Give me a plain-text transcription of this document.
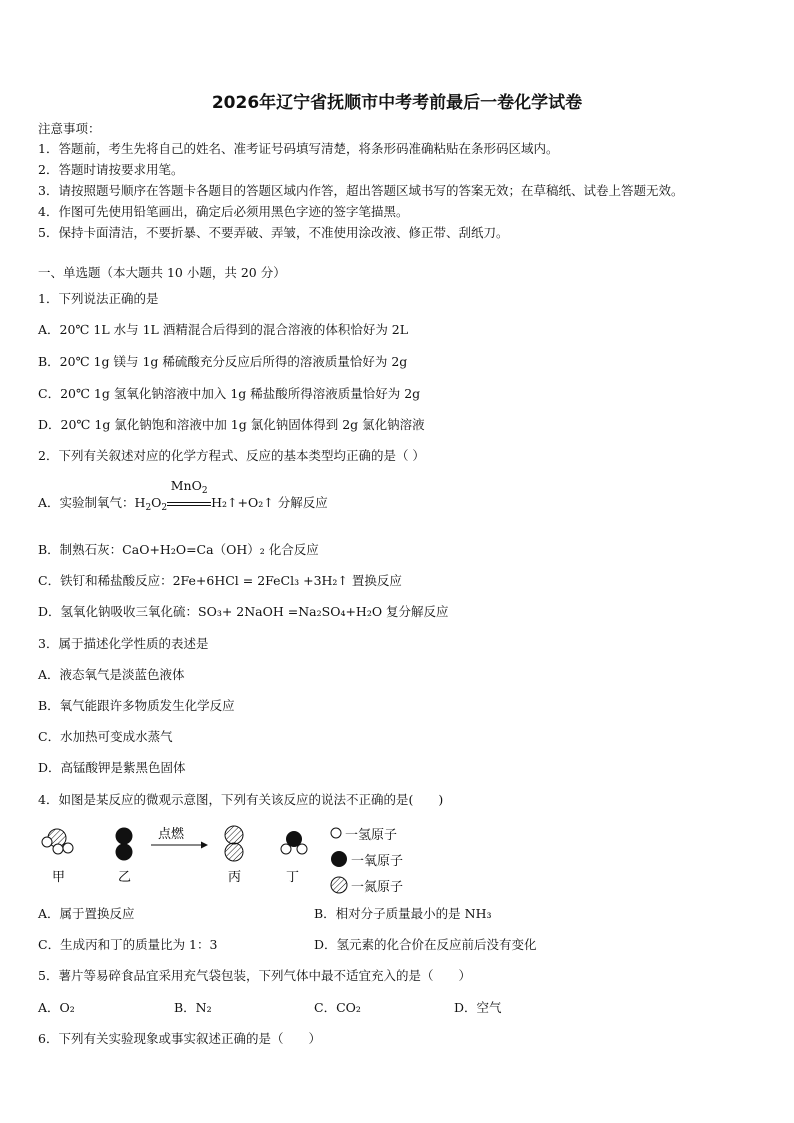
2026年辽宁省抚顺市中考考前最后一卷化学试卷
注意事项：
1．答题前，考生先将自己的姓名、准考证号码填写清楚，将条形码准确粘贴在条形码区域内。
2．答题时请按要求用笔。
3．请按照题号顺序在答题卡各题目的答题区域内作答，超出答题区域书写的答案无效；在草稿纸、试卷上答题无效。
4．作图可先使用铅笔画出，确定后必须用黑色字迹的签字笔描黑。
5．保持卡面清洁，不要折暴、不要弄破、弄皱，不准使用涂改液、修正带、刮纸刀。
一、单选题（本大题共 10 小题，共 20 分）
1．下列说法正确的是
A．20℃ 1L 水与 1L 酒精混合后得到的混合溶液的体积恰好为 2L
B．20℃ 1g 镁与 1g 稀硫酸充分反应后所得的溶液质量恰好为 2g
C．20℃ 1g 氢氧化钠溶液中加入 1g 稀盐酸所得溶液质量恰好为 2g
D．20℃ 1g 氯化钠饱和溶液中加 1g 氯化钠固体得到 2g 氯化钠溶液
2．下列有关叙述对应的化学方程式、反应的基本类型均正确的是（ ）
A．实验制氧气：$H_2O_2$
MnO$_2$
H₂↑+O₂↑ 分解反应
B．制熟石灰：CaO+H₂O=Ca（OH）₂ 化合反应
C．铁钉和稀盐酸反应：2Fe+6HCl = 2FeCl₃ +3H₂↑ 置换反应
D．氢氧化钠吸收三氧化硫：SO₃+ 2NaOH =Na₂SO₄+H₂O 复分解反应
3．属于描述化学性质的表述是
A．液态氧气是淡蓝色液体
B．氧气能跟许多物质发生化学反应
C．水加热可变成水蒸气
D．高锰酸钾是紫黑色固体
4．如图是某反应的微观示意图，下列有关该反应的说法不正确的是(　　)
点燃
甲	乙	丙	丁
一氢原子
一氧原子
一氮原子
A．属于置换反应	B．相对分子质量最小的是 NH₃
C．生成丙和丁的质量比为 1：3	D．氢元素的化合价在反应前后没有变化
5．薯片等易碎食品宜采用充气袋包装，下列气体中最不适宜充入的是（　　）
A．O₂	B．N₂	C．CO₂	D．空气
6．下列有关实验现象或事实叙述正确的是（　　）
